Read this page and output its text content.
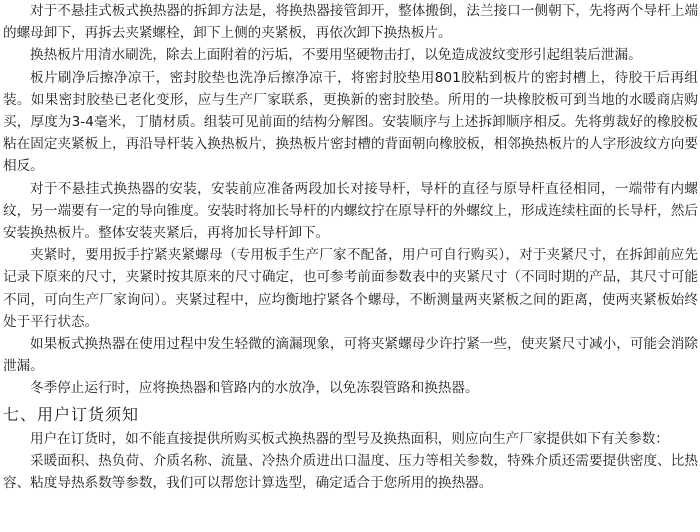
对于不悬挂式板式换热器的拆卸方法是，将换热器接管卸开，整体搬倒，法兰接口一侧朝下，先将两个导杆上端的螺母卸下，再拆去夹紧螺栓，卸下上侧的夹紧板，再依次卸下换热板片。

换热板片用清水刷洗，除去上面附着的污垢，不要用坚硬物击打，以免造成波纹变形引起组装后泄漏。

板片刷净后擦净凉干，密封胶垫也洗净后擦净凉干，将密封胶垫用801胶粘到板片的密封槽上，待胶干后再组装。如果密封胶垫已老化变形，应与生产厂家联系，更换新的密封胶垫。所用的一块橡胶板可到当地的水暖商店购买，厚度为3-4毫米，丁腈材质。组装可见前面的结构分解图。安装顺序与上述拆卸顺序相反。先将剪裁好的橡胶板粘在固定夹紧板上，再沿导杆装入换热板片，换热板片密封槽的背面朝向橡胶板，相邻换热板片的人字形波纹方向要相反。

对于不悬挂式换热器的安装，安装前应准备两段加长对接导杆，导杆的直径与原导杆直径相同，一端带有内螺纹，另一端要有一定的导向锥度。安装时将加长导杆的内螺纹拧在原导杆的外螺纹上，形成连续柱面的长导杆，然后安装换热板片。整体安装夹紧后，再将加长导杆卸下。

夹紧时，要用扳手拧紧夹紧螺母（专用板手生产厂家不配备，用户可自行购买），对于夹紧尺寸，在拆卸前应先记录下原来的尺寸，夹紧时按其原来的尺寸确定，也可参考前面参数表中的夹紧尺寸（不同时期的产品，其尺寸可能不同，可向生产厂家询问）。夹紧过程中，应均衡地拧紧各个螺母，不断测量两夹紧板之间的距离，使两夹紧板始终处于平行状态。

如果板式换热器在使用过程中发生轻微的滴漏现象，可将夹紧螺母少许拧紧一些，使夹紧尺寸减小，可能会消除泄漏。

冬季停止运行时，应将换热器和管路内的水放净，以免冻裂管路和换热器。

七、用户订货须知

用户在订货时，如不能直接提供所购买板式换热器的型号及换热面积，则应向生产厂家提供如下有关参数：

采暖面积、热负荷、介质名称、流量、冷热介质进出口温度、压力等相关参数，特殊介质还需要提供密度、比热容、粘度导热系数等参数，我们可以帮您计算选型，确定适合于您所用的换热器。
